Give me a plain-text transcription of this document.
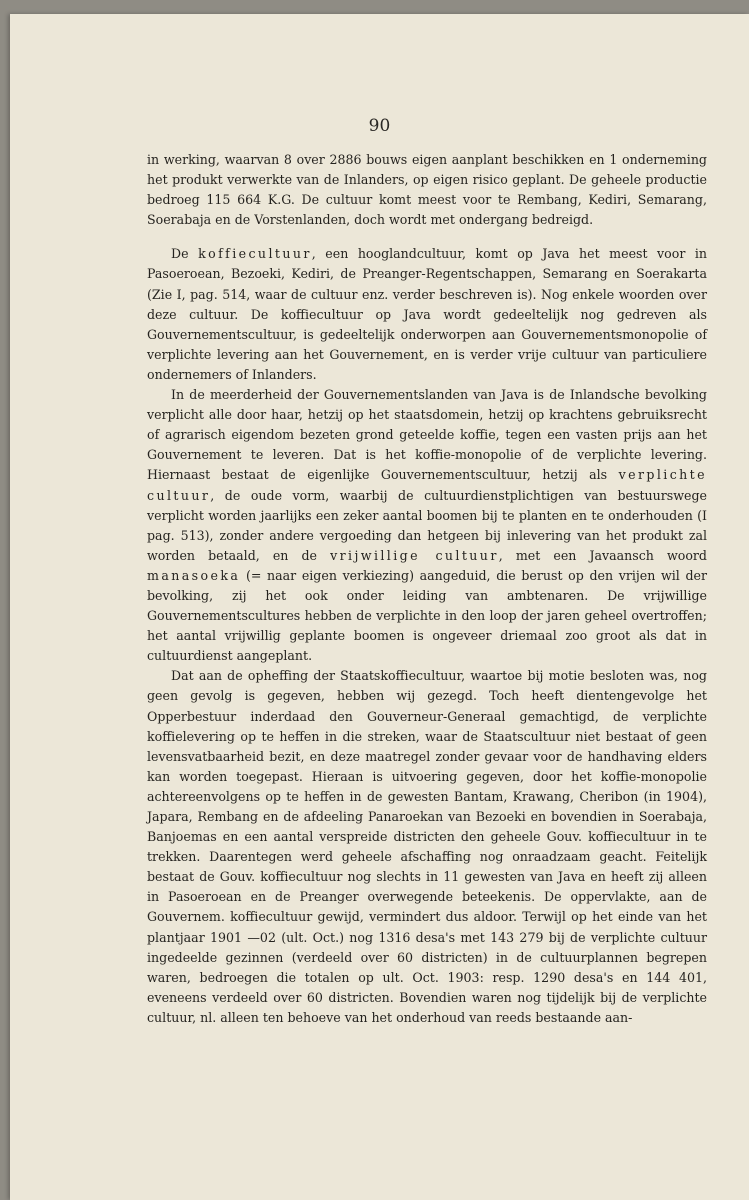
90

in werking, waarvan 8 over 2886 bouws eigen aanplant beschikken en 1 onderneming het produkt verwerkte van de Inlanders, op eigen risico geplant. De geheele productie bedroeg 115 664 K.G. De cultuur komt meest voor te Rembang, Kediri, Semarang, Soerabaja en de Vorstenlanden, doch wordt met ondergang bedreigd.

De koffiecultuur, een hooglandcultuur, komt op Java het meest voor in Pasoeroean, Bezoeki, Kediri, de Preanger-Regentschappen, Semarang en Soerakarta (Zie I, pag. 514, waar de cultuur enz. verder beschreven is). Nog enkele woorden over deze cultuur. De koffiecultuur op Java wordt gedeeltelijk nog gedreven als Gouvernementscultuur, is gedeeltelijk onderworpen aan Gouvernementsmonopolie of verplichte levering aan het Gouvernement, en is verder vrije cultuur van particuliere ondernemers of Inlanders.

In de meerderheid der Gouvernementslanden van Java is de Inlandsche bevolking verplicht alle door haar, hetzij op het staatsdomein, hetzij op krachtens gebruiksrecht of agrarisch eigendom bezeten grond geteelde koffie, tegen een vasten prijs aan het Gouvernement te leveren. Dat is het koffie-monopolie of de verplichte levering. Hiernaast bestaat de eigenlijke Gouvernementscultuur, hetzij als verplichte cultuur, de oude vorm, waarbij de cultuurdienstplichtigen van bestuurswege verplicht worden jaarlijks een zeker aantal boomen bij te planten en te onderhouden (I pag. 513), zonder andere vergoeding dan hetgeen bij inlevering van het produkt zal worden betaald, en de vrijwillige cultuur, met een Javaansch woord manasoeka (= naar eigen verkiezing) aangeduid, die berust op den vrijen wil der bevolking, zij het ook onder leiding van ambtenaren. De vrijwillige Gouvernementscultures hebben de verplichte in den loop der jaren geheel overtroffen; het aantal vrijwillig geplante boomen is ongeveer driemaal zoo groot als dat in cultuurdienst aangeplant.

Dat aan de opheffing der Staatskoffiecultuur, waartoe bij motie besloten was, nog geen gevolg is gegeven, hebben wij gezegd. Toch heeft dientengevolge het Opperbestuur inderdaad den Gouverneur-Generaal gemachtigd, de verplichte koffielevering op te heffen in die streken, waar de Staatscultuur niet bestaat of geen levensvatbaarheid bezit, en deze maatregel zonder gevaar voor de handhaving elders kan worden toegepast. Hieraan is uitvoering gegeven, door het koffie-monopolie achtereenvolgens op te heffen in de gewesten Bantam, Krawang, Cheribon (in 1904), Japara, Rembang en de afdeeling Panaroekan van Bezoeki en bovendien in Soerabaja, Banjoemas en een aantal verspreide districten den geheele Gouv. koffiecultuur in te trekken. Daarentegen werd geheele afschaffing nog onraadzaam geacht. Feitelijk bestaat de Gouv. koffiecultuur nog slechts in 11 gewesten van Java en heeft zij alleen in Pasoeroean en de Preanger overwegende beteekenis. De oppervlakte, aan de Gouvernem. koffiecultuur gewijd, vermindert dus aldoor. Terwijl op het einde van het plantjaar 1901 —02 (ult. Oct.) nog 1316 desa's met 143 279 bij de verplichte cultuur ingedeelde gezinnen (verdeeld over 60 districten) in de cultuurplannen begrepen waren, bedroegen die totalen op ult. Oct. 1903: resp. 1290 desa's en 144 401, eveneens verdeeld over 60 districten. Bovendien waren nog tijdelijk bij de verplichte cultuur, nl. alleen ten behoeve van het onderhoud van reeds bestaande aan-
